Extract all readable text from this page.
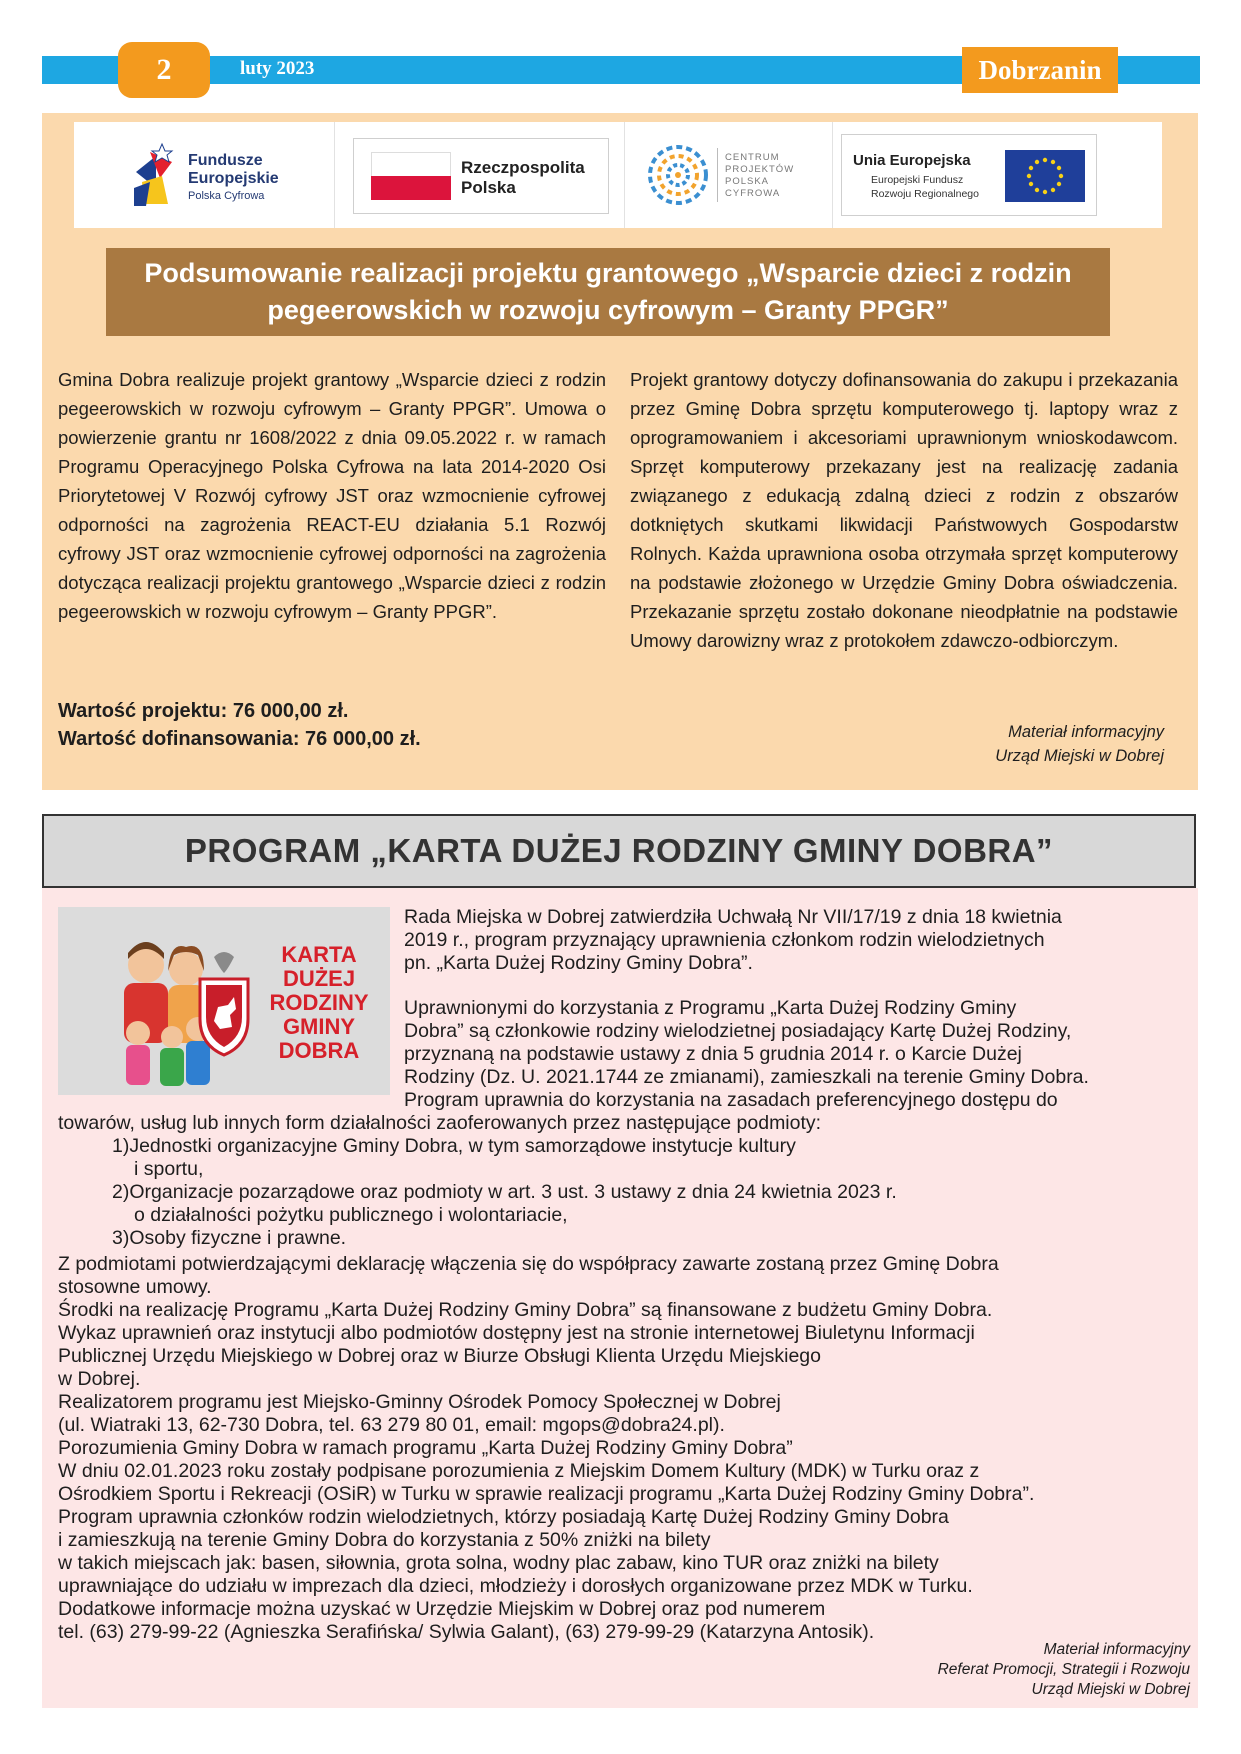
2	luty 2023	Dobrzanin
Fundusze
Europejskie
Polska Cyfrowa
Rzeczpospolita
Polska
CENTRUM
PROJEKTÓW
POLSKA
CYFROWA
Unia Europejska
Europejski Fundusz
Rozwoju Regionalnego
Podsumowanie realizacji projektu grantowego „Wsparcie dzieci z rodzin
pegeerowskich w rozwoju cyfrowym – Granty PPGR”
Gmina Dobra realizuje projekt grantowy „Wsparcie dzieci z rodzin pegeerowskich w rozwoju cyfrowym – Granty PPGR”. Umowa o powierzenie grantu nr 1608/2022 z dnia 09.05.2022 r. w ramach Programu Operacyjnego Polska Cyfrowa na lata 2014-2020 Osi Priorytetowej V Rozwój cyfrowy JST oraz wzmocnienie cyfrowej odporności na zagrożenia REACT-EU działania 5.1 Rozwój cyfrowy JST oraz wzmocnienie cyfrowej odporności na zagrożenia dotycząca realizacji projektu grantowego „Wsparcie dzieci z rodzin pegeerowskich w rozwoju cyfrowym – Granty PPGR”.
Wartość projektu: 76 000,00 zł.
Wartość dofinansowania: 76 000,00 zł.
Projekt grantowy dotyczy dofinansowania do zakupu i przekazania przez Gminę Dobra sprzętu komputerowego tj. laptopy wraz z oprogramowaniem i akcesoriami uprawnionym wnioskodawcom. Sprzęt komputerowy przekazany jest na realizację zadania związanego z edukacją zdalną dzieci z rodzin z obszarów dotkniętych skutkami likwidacji Państwowych Gospodarstw Rolnych. Każda uprawniona osoba otrzymała sprzęt komputerowy na podstawie złożonego w Urzędzie Gminy Dobra oświadczenia. Przekazanie sprzętu zostało dokonane nieodpłatnie na podstawie Umowy darowizny wraz z protokołem zdawczo-odbiorczym.
Materiał informacyjny
Urząd Miejski w Dobrej
PROGRAM „KARTA DUŻEJ RODZINY GMINY DOBRA”
KARTA
DUŻEJ
RODZINY
GMINY
DOBRA
Rada Miejska w Dobrej zatwierdziła Uchwałą Nr VII/17/19 z dnia 18 kwietnia
2019 r., program przyznający uprawnienia członkom rodzin wielodzietnych
pn. „Karta Dużej Rodziny Gminy Dobra”.
Uprawnionymi do korzystania z Programu „Karta Dużej Rodziny Gminy
Dobra” są członkowie rodziny wielodzietnej posiadający Kartę Dużej Rodziny,
przyznaną na podstawie ustawy z dnia 5 grudnia 2014 r. o Karcie Dużej
Rodziny (Dz. U. 2021.1744 ze zmianami), zamieszkali na terenie Gminy Dobra.
Program uprawnia do korzystania na zasadach preferencyjnego dostępu do
towarów, usług lub innych form działalności zaoferowanych przez następujące podmioty:
1)Jednostki organizacyjne Gminy Dobra, w tym samorządowe instytucje kultury
i sportu,
2)Organizacje pozarządowe oraz podmioty w art. 3 ust. 3 ustawy z dnia 24 kwietnia 2023 r.
o działalności pożytku publicznego i wolontariacie,
3)Osoby fizyczne i prawne.
Z podmiotami potwierdzającymi deklarację włączenia się do współpracy zawarte zostaną przez Gminę Dobra
stosowne umowy.
Środki na realizację Programu „Karta Dużej Rodziny Gminy Dobra” są finansowane z budżetu Gminy Dobra.
Wykaz uprawnień oraz instytucji albo podmiotów dostępny jest na stronie internetowej Biuletynu Informacji
Publicznej Urzędu Miejskiego w Dobrej oraz w Biurze Obsługi Klienta Urzędu Miejskiego
w Dobrej.
Realizatorem programu jest Miejsko-Gminny Ośrodek Pomocy Społecznej w Dobrej
(ul. Wiatraki 13, 62-730 Dobra, tel. 63 279 80 01, email: mgops@dobra24.pl).
Porozumienia Gminy Dobra w ramach programu „Karta Dużej Rodziny Gminy Dobra”
W dniu 02.01.2023 roku zostały podpisane porozumienia z Miejskim Domem Kultury (MDK) w Turku oraz z
Ośrodkiem Sportu i Rekreacji (OSiR) w Turku w sprawie realizacji programu „Karta Dużej Rodziny Gminy Dobra”.
Program uprawnia członków rodzin wielodzietnych, którzy posiadają Kartę Dużej Rodziny Gminy Dobra
i zamieszkują na terenie Gminy Dobra do korzystania z 50% zniżki na bilety
w takich miejscach jak: basen, siłownia, grota solna, wodny plac zabaw, kino TUR oraz zniżki na bilety
uprawniające do udziału w imprezach dla dzieci, młodzieży i dorosłych organizowane przez MDK w Turku.
Dodatkowe informacje można uzyskać w Urzędzie Miejskim w Dobrej oraz pod numerem
tel. (63) 279-99-22 (Agnieszka Serafińska/ Sylwia Galant), (63) 279-99-29 (Katarzyna Antosik).
Materiał informacyjny
Referat Promocji, Strategii i Rozwoju
Urząd Miejski w Dobrej
